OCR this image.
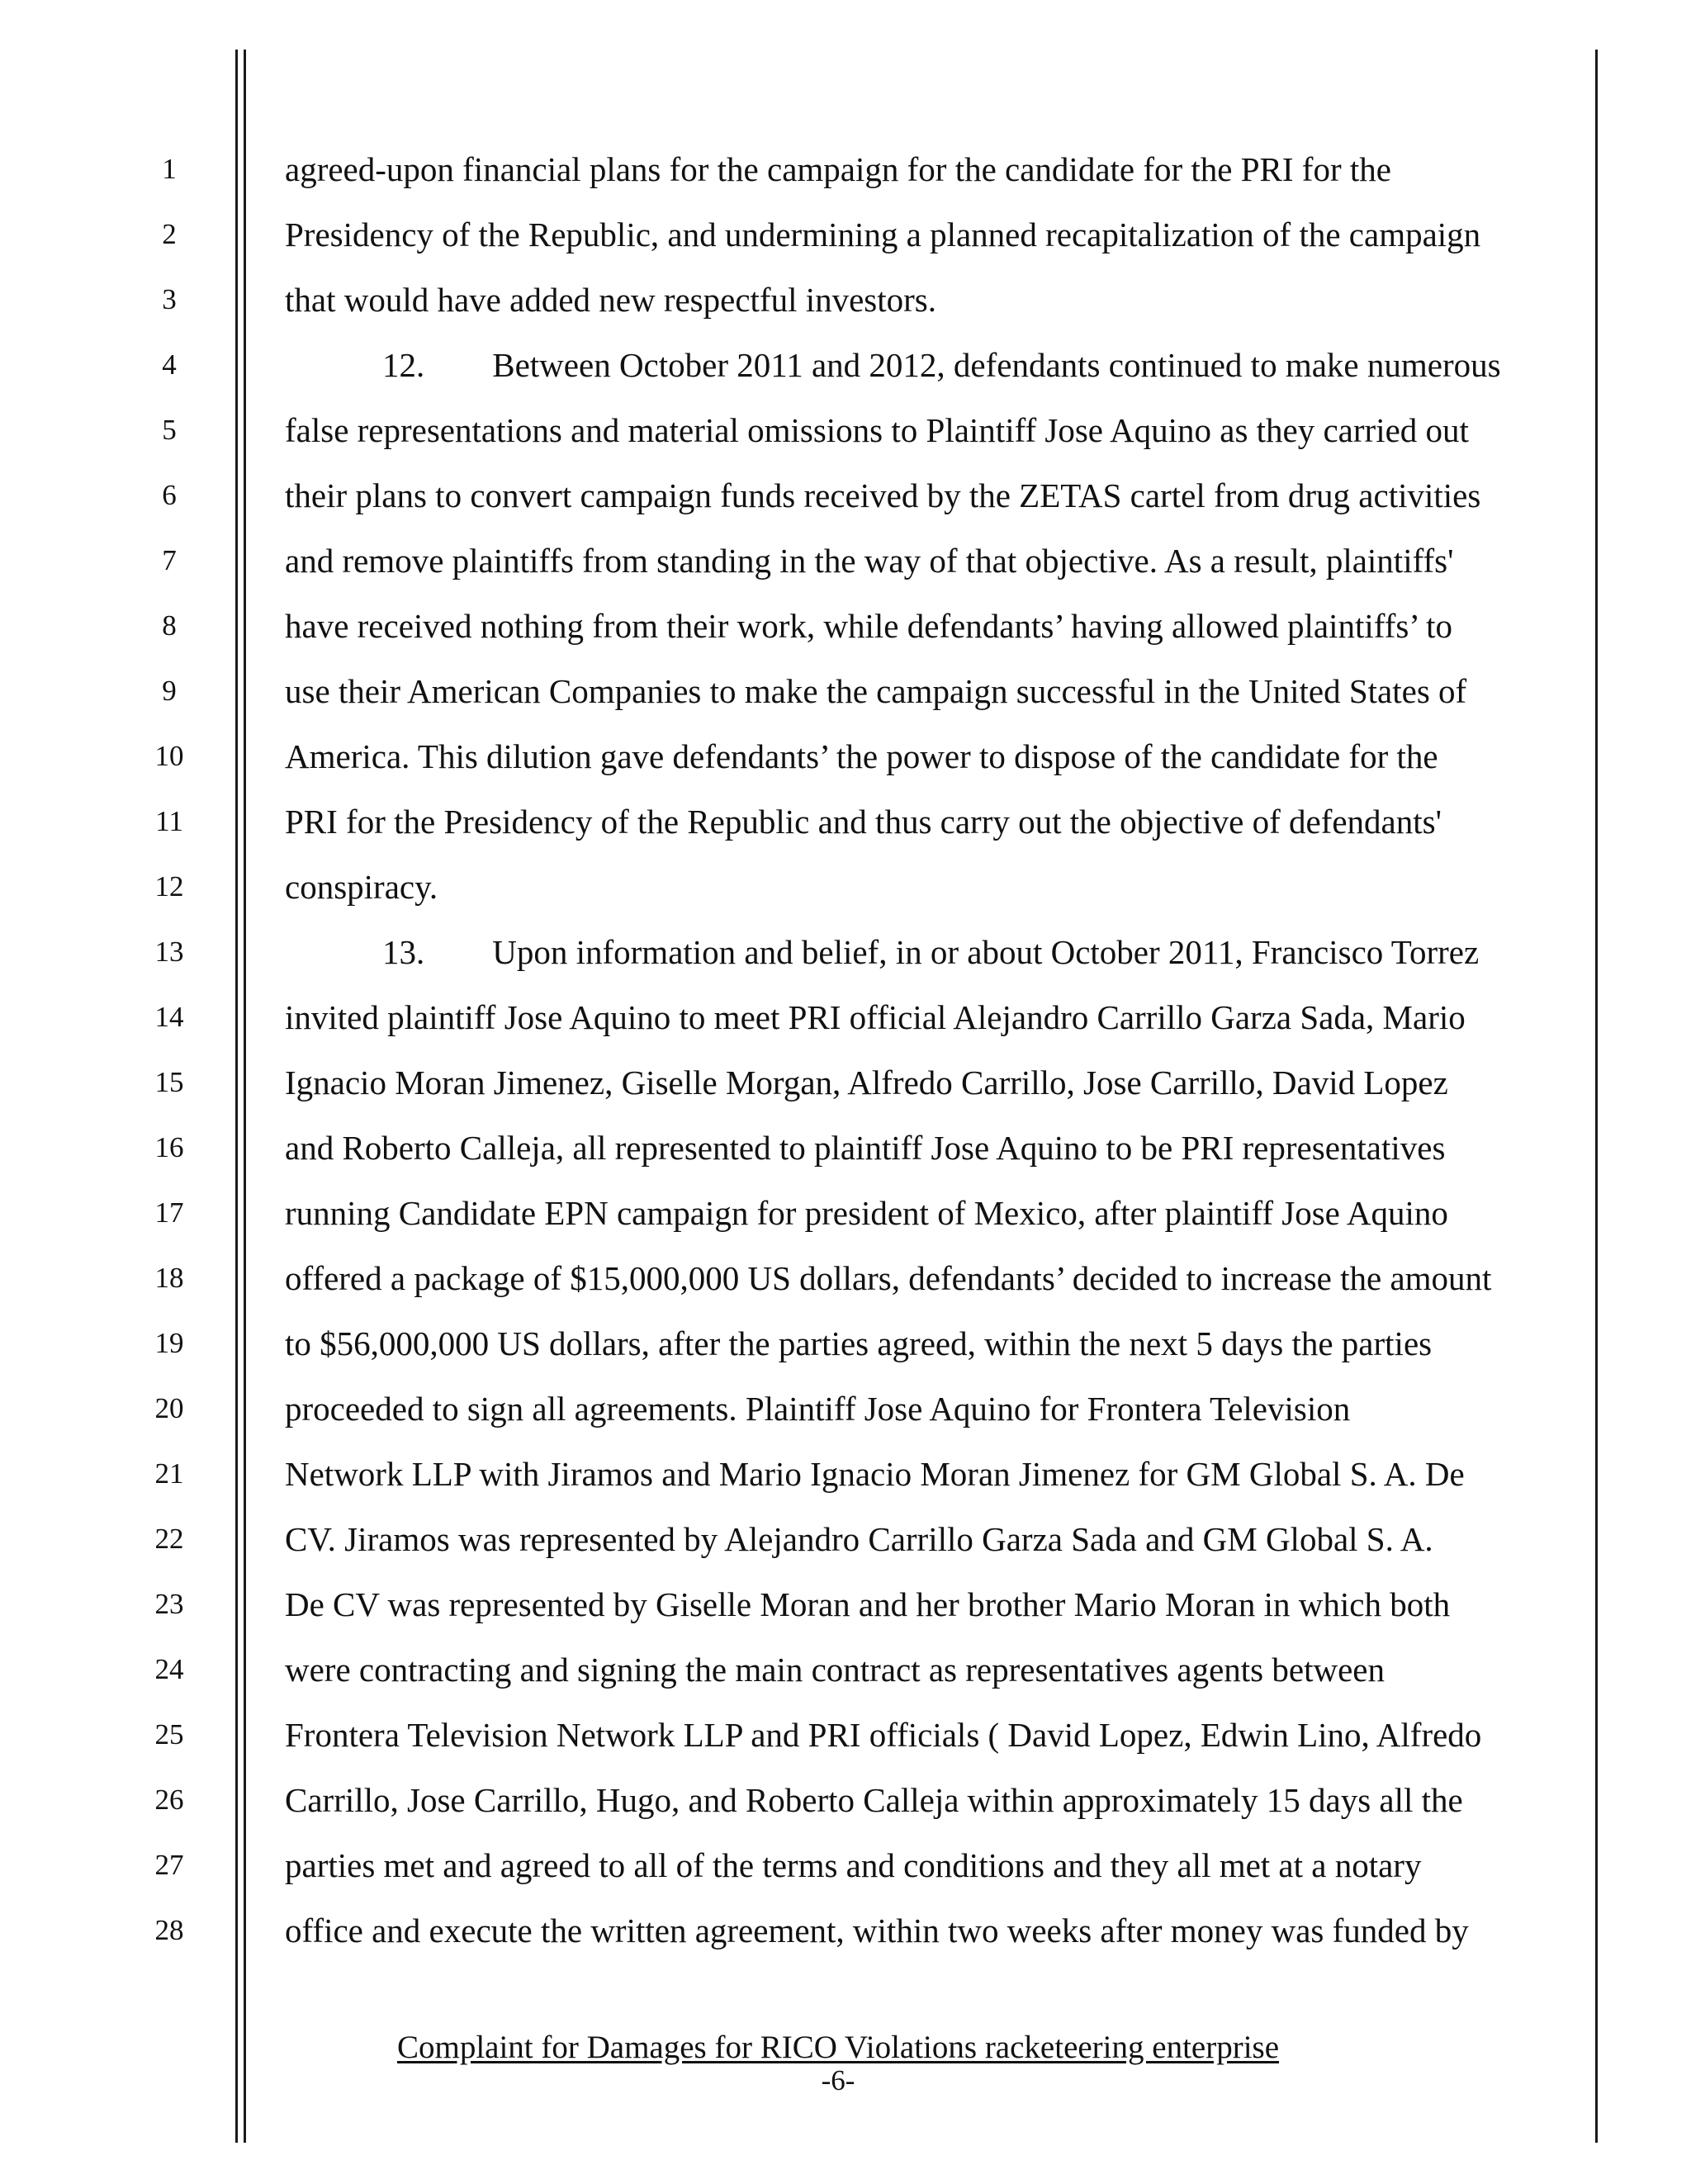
1
2
3
4
5
6
7
8
9
10
11
12
13
14
15
16
17
18
19
20
21
22
23
24
25
26
27
28
agreed-upon financial plans for the campaign for the candidate for the PRI for the
Presidency of the Republic, and undermining a planned recapitalization of the campaign
that would have added new respectful investors.
12.  Between October 2011 and 2012, defendants continued to make numerous
false representations and material omissions to Plaintiff Jose Aquino as they carried out
their plans to convert campaign funds received by the ZETAS cartel from drug activities
and remove plaintiffs from standing in the way of that objective. As a result, plaintiffs'
have received nothing from their work, while defendants’ having allowed plaintiffs’ to
use their American Companies to make the campaign successful in the United States of
America. This dilution gave defendants’ the power to dispose of the candidate for the
PRI for the Presidency of the Republic and thus carry out the objective of defendants'
conspiracy.
13.  Upon information and belief, in or about October 2011, Francisco Torrez
invited plaintiff Jose Aquino to meet PRI official Alejandro Carrillo Garza Sada, Mario
Ignacio Moran Jimenez, Giselle Morgan, Alfredo Carrillo, Jose Carrillo, David Lopez
and Roberto Calleja, all represented to plaintiff Jose Aquino to be PRI representatives
running Candidate EPN campaign for president of Mexico, after plaintiff Jose Aquino
offered a package of $15,000,000 US dollars, defendants’ decided to increase the amount
to $56,000,000 US dollars, after the parties agreed, within the next 5 days the parties
proceeded to sign all agreements. Plaintiff Jose Aquino for Frontera Television
Network LLP with Jiramos and Mario Ignacio Moran Jimenez for GM Global S. A. De
CV. Jiramos was represented by Alejandro Carrillo Garza Sada and GM Global S. A.
De CV was represented by Giselle Moran and her brother Mario Moran in which both
were contracting and signing the main contract as representatives agents between
Frontera Television Network LLP and PRI officials ( David Lopez, Edwin Lino, Alfredo
Carrillo, Jose Carrillo, Hugo, and Roberto Calleja within approximately 15 days all the
parties met and agreed to all of the terms and conditions and they all met at a notary
office and execute the written agreement, within two weeks after money was funded by
Complaint for Damages for RICO Violations racketeering enterprise
-6-
